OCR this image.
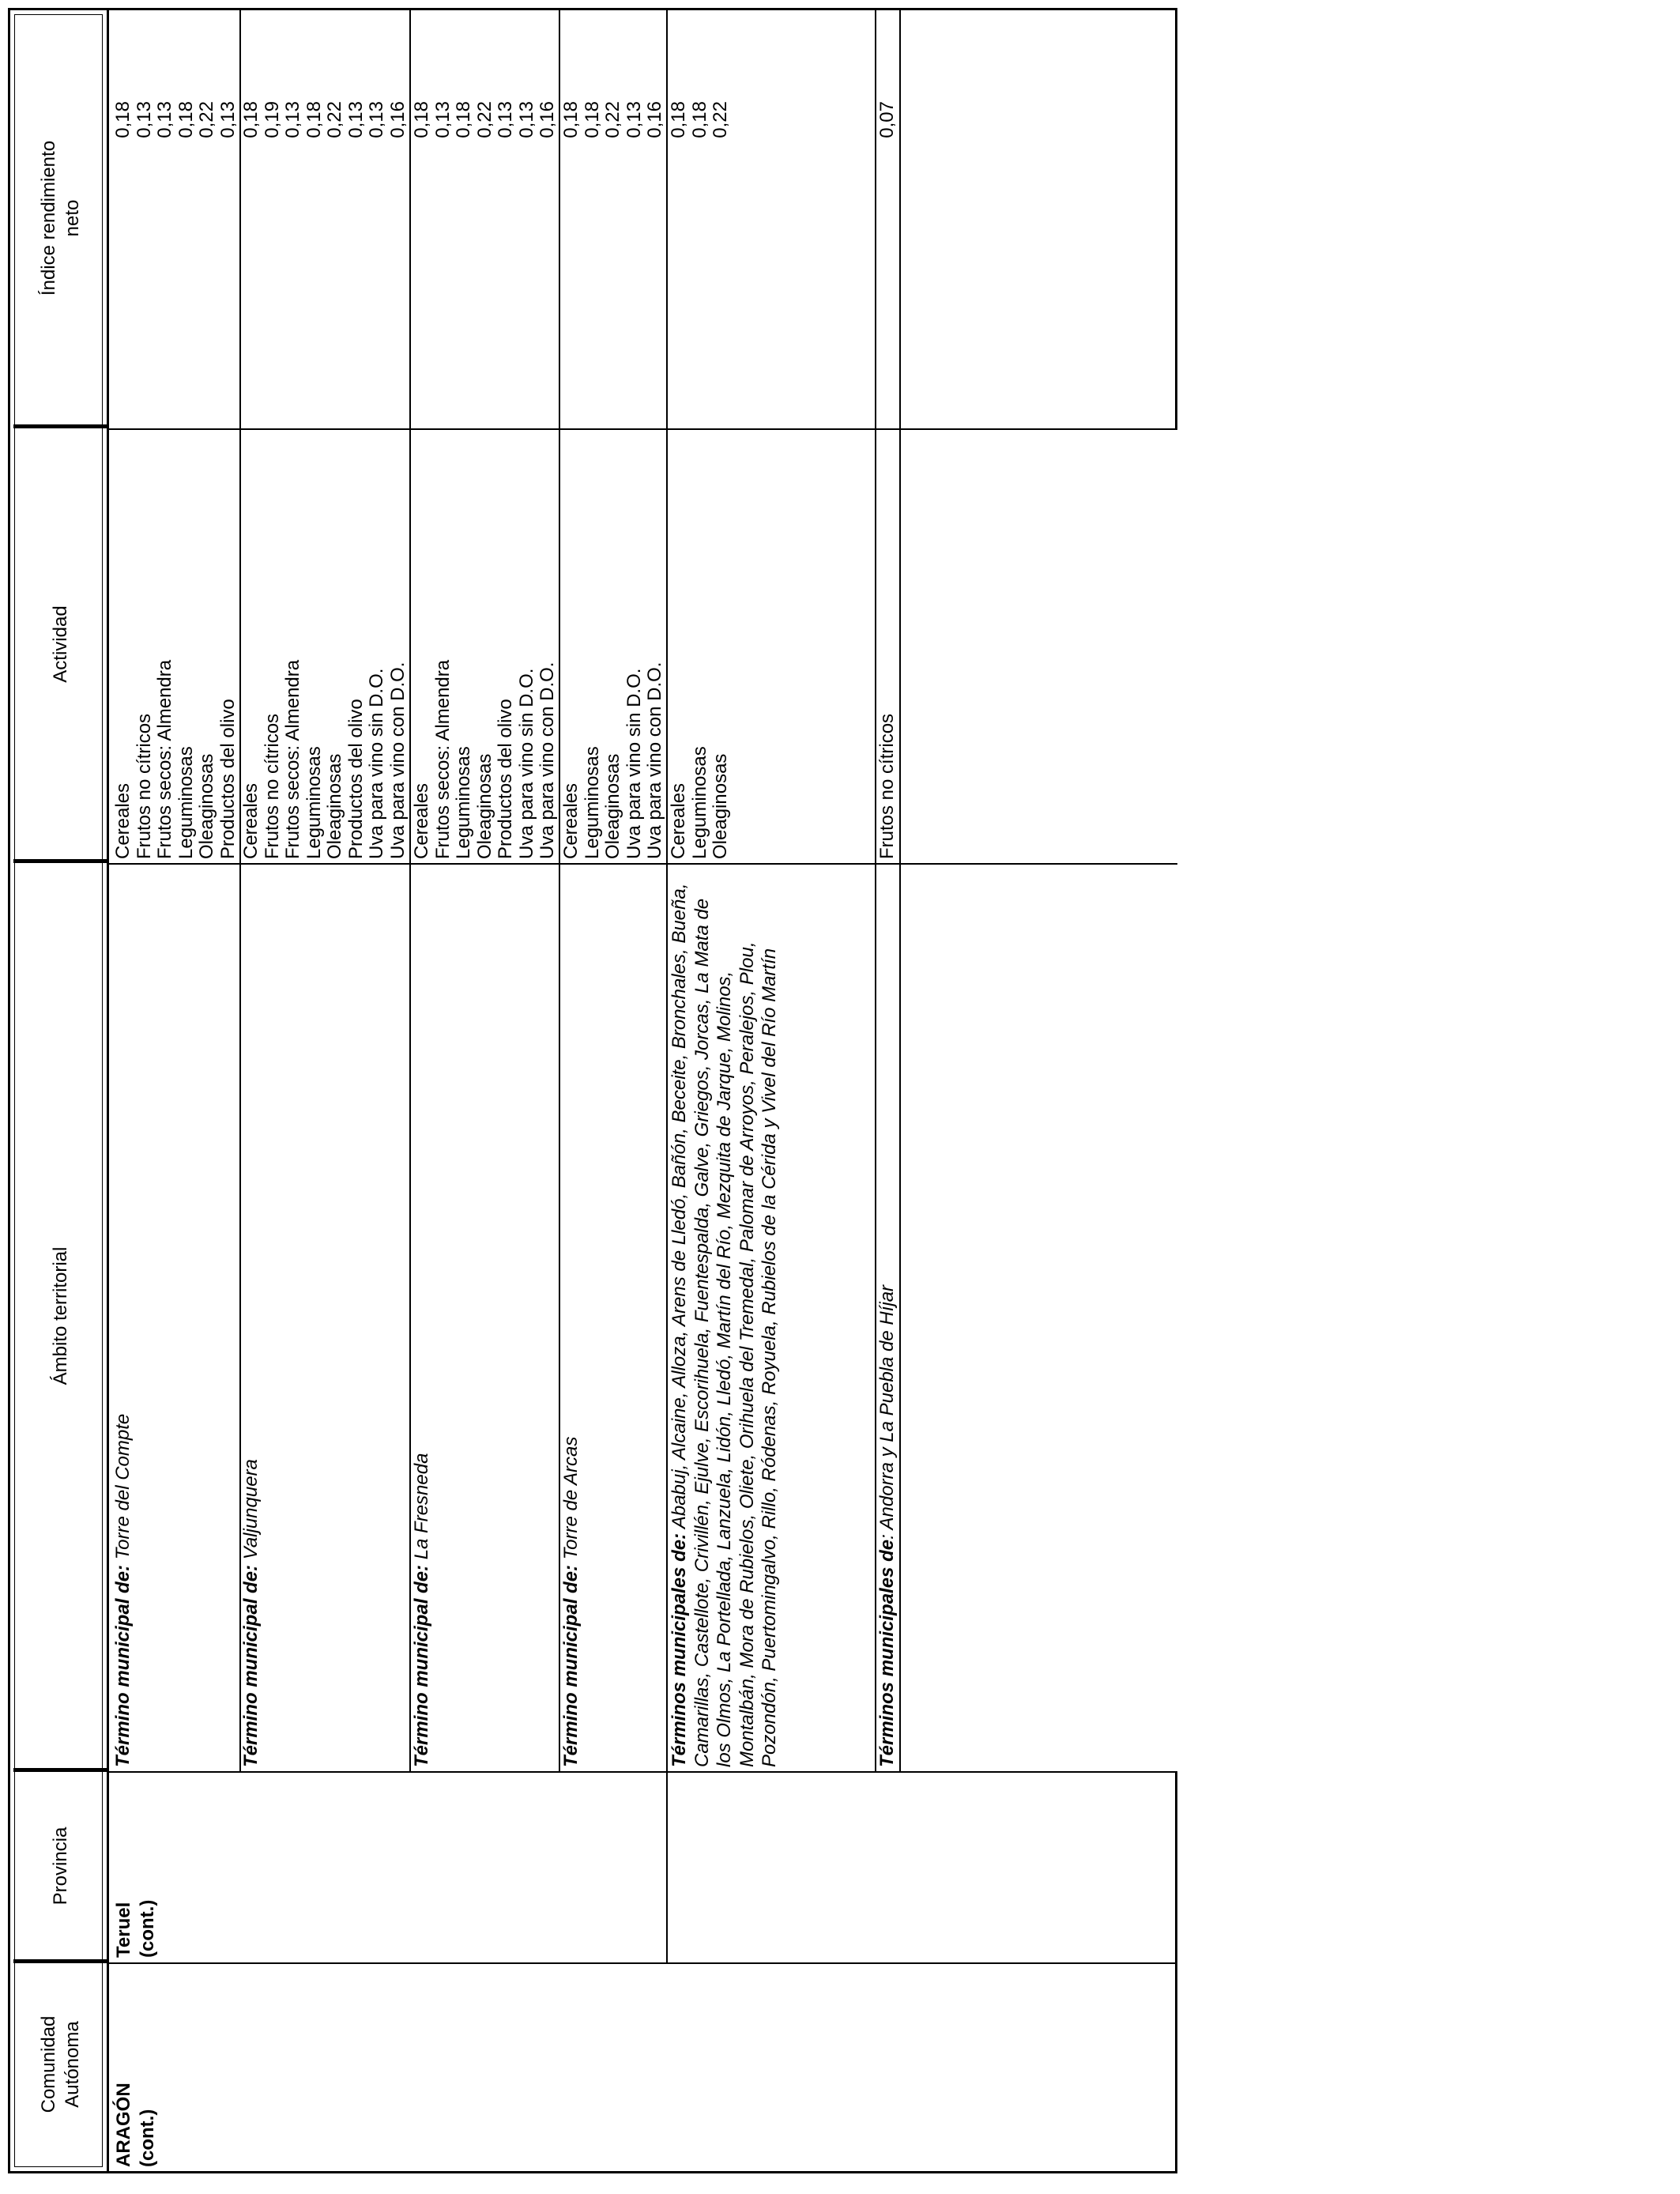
Comunidad Autónoma
Provincia
Ámbito territorial
Actividad
Índice rendimiento neto
ARAGÓN (cont.)
Teruel (cont.)
Término municipal de: Torre del Compte
Cereales Frutos no cítricos Frutos secos: Almendra Leguminosas Oleaginosas Productos del olivo
0,18 0,13 0,13 0,18 0,22 0,13
Término municipal de: Valjunquera
Cereales Frutos no cítricos Frutos secos: Almendra Leguminosas Oleaginosas Productos del olivo Uva para vino sin D.O. Uva para vino con D.O.
0,18 0,19 0,13 0,18 0,22 0,13 0,13 0,16
Término municipal de: La Fresneda
Cereales Frutos secos: Almendra Leguminosas Oleaginosas Productos del olivo Uva para vino sin D.O. Uva para vino con D.O.
0,18 0,13 0,18 0,22 0,13 0,13 0,16
Término municipal de: Torre de Arcas
Cereales Leguminosas Oleaginosas Uva para vino sin D.O. Uva para vino con D.O.
0,18 0,18 0,22 0,13 0,16
Términos municipales de: Ababuj, Alcaine, Alloza, Arens de Lledó, Bañón, Beceite, Bronchales, Bueña, Camarillas, Castellote, Crivillén, Ejulve, Escorihuela, Fuentespalda, Galve, Griegos, Jorcas, La Mata de los Olmos, La Portellada, Lanzuela, Lidón, Lledó, Martín del Río, Mezquita de Jarque, Molinos, Montalbán, Mora de Rubielos, Oliete, Orihuela del Tremedal, Palomar de Arroyos, Peralejos, Plou, Pozondón, Puertomingalvo, Rillo, Ródenas, Royuela, Rubielos de la Cérida y Vivel del Río Martín
Cereales Leguminosas Oleaginosas
0,18 0,18 0,22
Términos municipales de: Andorra y La Puebla de Híjar
Frutos no cítricos
0,07
